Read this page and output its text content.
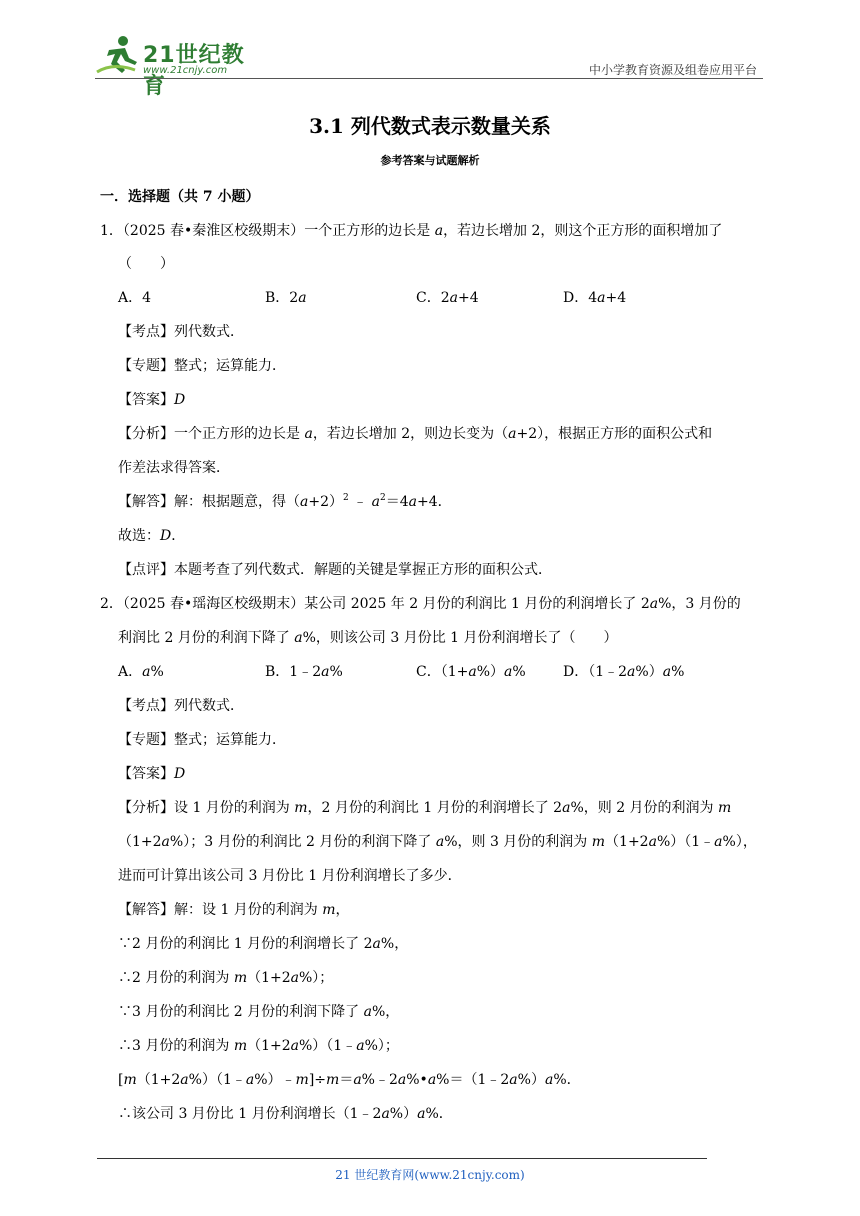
21世纪教育
www.21cnjy.com	中小学教育资源及组卷应用平台
3.1 列代数式表示数量关系
参考答案与试题解析
一．选择题（共 7 小题）
1．（2025 春•秦淮区校级期末）一个正方形的边长是 a，若边长增加 2，则这个正方形的面积增加了
（　　）
A．4	B．2a	C．2a+4	D．4a+4
【考点】列代数式．
【专题】整式；运算能力．
【答案】D
【分析】一个正方形的边长是 a，若边长增加 2，则边长变为（a+2），根据正方形的面积公式和
作差法求得答案．
【解答】解：根据题意，得$(a+2)^2$ ﹣ $a^2=4a+4$．
故选：D．
【点评】本题考查了列代数式．解题的关键是掌握正方形的面积公式．
2．（2025 春•瑶海区校级期末）某公司 2025 年 2 月份的利润比 1 月份的利润增长了 2a%，3 月份的
利润比 2 月份的利润下降了 a%，则该公司 3 月份比 1 月份利润增长了（　　）
A．a%	B．1﹣2a%	C．（1+a%）a%	D．（1﹣2a%）a%
【考点】列代数式．
【专题】整式；运算能力．
【答案】D
【分析】设 1 月份的利润为 m，2 月份的利润比 1 月份的利润增长了 2a%，则 2 月份的利润为 m
（1+2a%）；3 月份的利润比 2 月份的利润下降了 a%，则 3 月份的利润为 m（1+2a%）（1﹣a%），
进而可计算出该公司 3 月份比 1 月份利润增长了多少．
【解答】解：设 1 月份的利润为 m，
∵2 月份的利润比 1 月份的利润增长了 2a%，
∴2 月份的利润为 m（1+2a%）；
∵3 月份的利润比 2 月份的利润下降了 a%，
∴3 月份的利润为 m（1+2a%）（1﹣a%）；
[m（1+2a%）（1﹣a%）﹣m]÷m＝a%﹣2a%•a%＝（1﹣2a%）a%．
∴该公司 3 月份比 1 月份利润增长（1﹣2a%）a%．
21 世纪教育网(www.21cnjy.com)
